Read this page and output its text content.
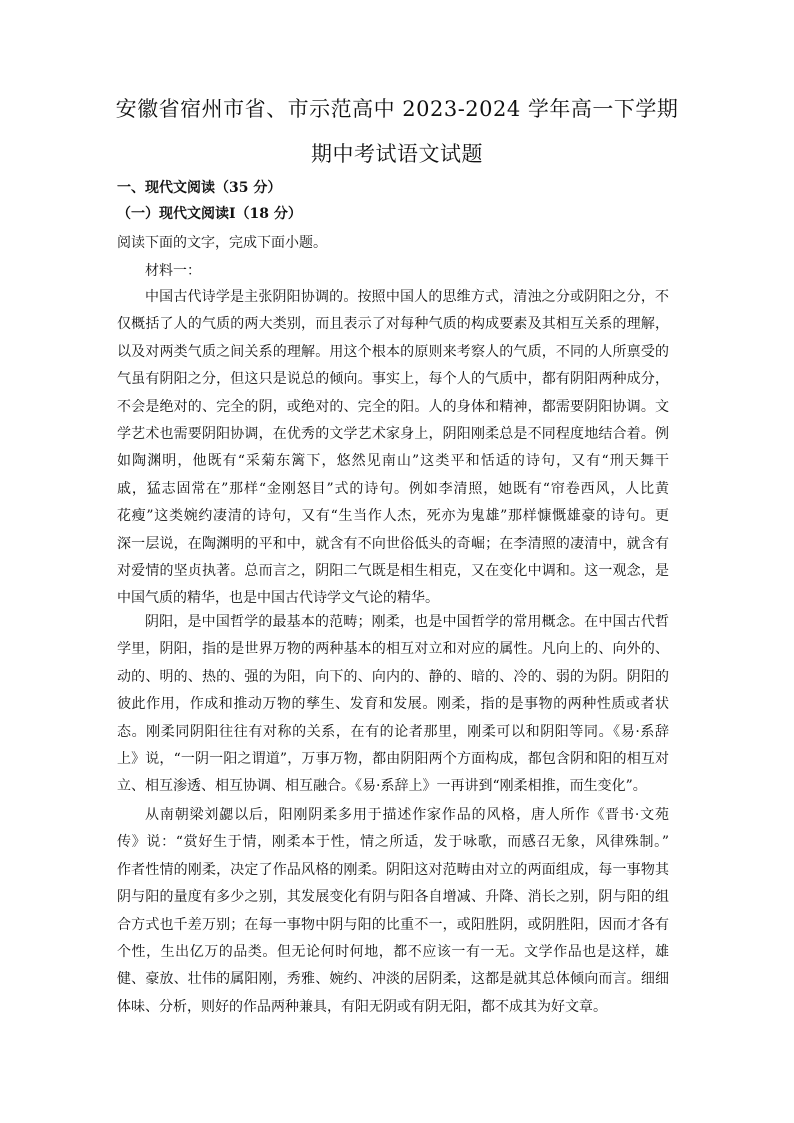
安徽省宿州市省、市示范高中 2023-2024 学年高一下学期
期中考试语文试题
一、现代文阅读（35 分）
（一）现代文阅读Ⅰ（18 分）
阅读下面的文字，完成下面小题。
材料一：
中国古代诗学是主张阴阳协调的。按照中国人的思维方式，清浊之分或阴阳之分，不
仅概括了人的气质的两大类别，而且表示了对每种气质的构成要素及其相互关系的理解，
以及对两类气质之间关系的理解。用这个根本的原则来考察人的气质，不同的人所禀受的
气虽有阴阳之分，但这只是说总的倾向。事实上，每个人的气质中，都有阴阳两种成分，
不会是绝对的、完全的阴，或绝对的、完全的阳。人的身体和精神，都需要阴阳协调。文
学艺术也需要阴阳协调，在优秀的文学艺术家身上，阴阳刚柔总是不同程度地结合着。例
如陶渊明，他既有“采菊东篱下，悠然见南山”这类平和恬适的诗句，又有“刑天舞干
戚，猛志固常在”那样“金刚怒目”式的诗句。例如李清照，她既有“帘卷西风，人比黄
花瘦”这类婉约凄清的诗句，又有“生当作人杰，死亦为鬼雄”那样慷慨雄豪的诗句。更
深一层说，在陶渊明的平和中，就含有不向世俗低头的奇崛；在李清照的凄清中，就含有
对爱情的坚贞执著。总而言之，阴阳二气既是相生相克，又在变化中调和。这一观念，是
中国气质的精华，也是中国古代诗学文气论的精华。
阴阳，是中国哲学的最基本的范畴；刚柔，也是中国哲学的常用概念。在中国古代哲
学里，阴阳，指的是世界万物的两种基本的相互对立和对应的属性。凡向上的、向外的、
动的、明的、热的、强的为阳，向下的、向内的、静的、暗的、冷的、弱的为阴。阴阳的
彼此作用，作成和推动万物的孳生、发育和发展。刚柔，指的是事物的两种性质或者状
态。刚柔同阴阳往往有对称的关系，在有的论者那里，刚柔可以和阴阳等同。《易·系辞
上》说，“一阴一阳之谓道”，万事万物，都由阴阳两个方面构成，都包含阴和阳的相互对
立、相互渗透、相互协调、相互融合。《易·系辞上》一再讲到“刚柔相推，而生变化”。
从南朝梁刘勰以后，阳刚阴柔多用于描述作家作品的风格，唐人所作《晋书·文苑
传》说：“赏好生于情，刚柔本于性，情之所适，发于咏歌，而感召无象，风律殊制。”
作者性情的刚柔，决定了作品风格的刚柔。阴阳这对范畴由对立的两面组成，每一事物其
阴与阳的量度有多少之别，其发展变化有阴与阳各自增减、升降、消长之别，阴与阳的组
合方式也千差万别；在每一事物中阴与阳的比重不一，或阳胜阴，或阴胜阳，因而才各有
个性，生出亿万的品类。但无论何时何地，都不应该一有一无。文学作品也是这样，雄
健、豪放、壮伟的属阳刚，秀雅、婉约、冲淡的居阴柔，这都是就其总体倾向而言。细细
体味、分析，则好的作品两种兼具，有阳无阴或有阴无阳，都不成其为好文章。
